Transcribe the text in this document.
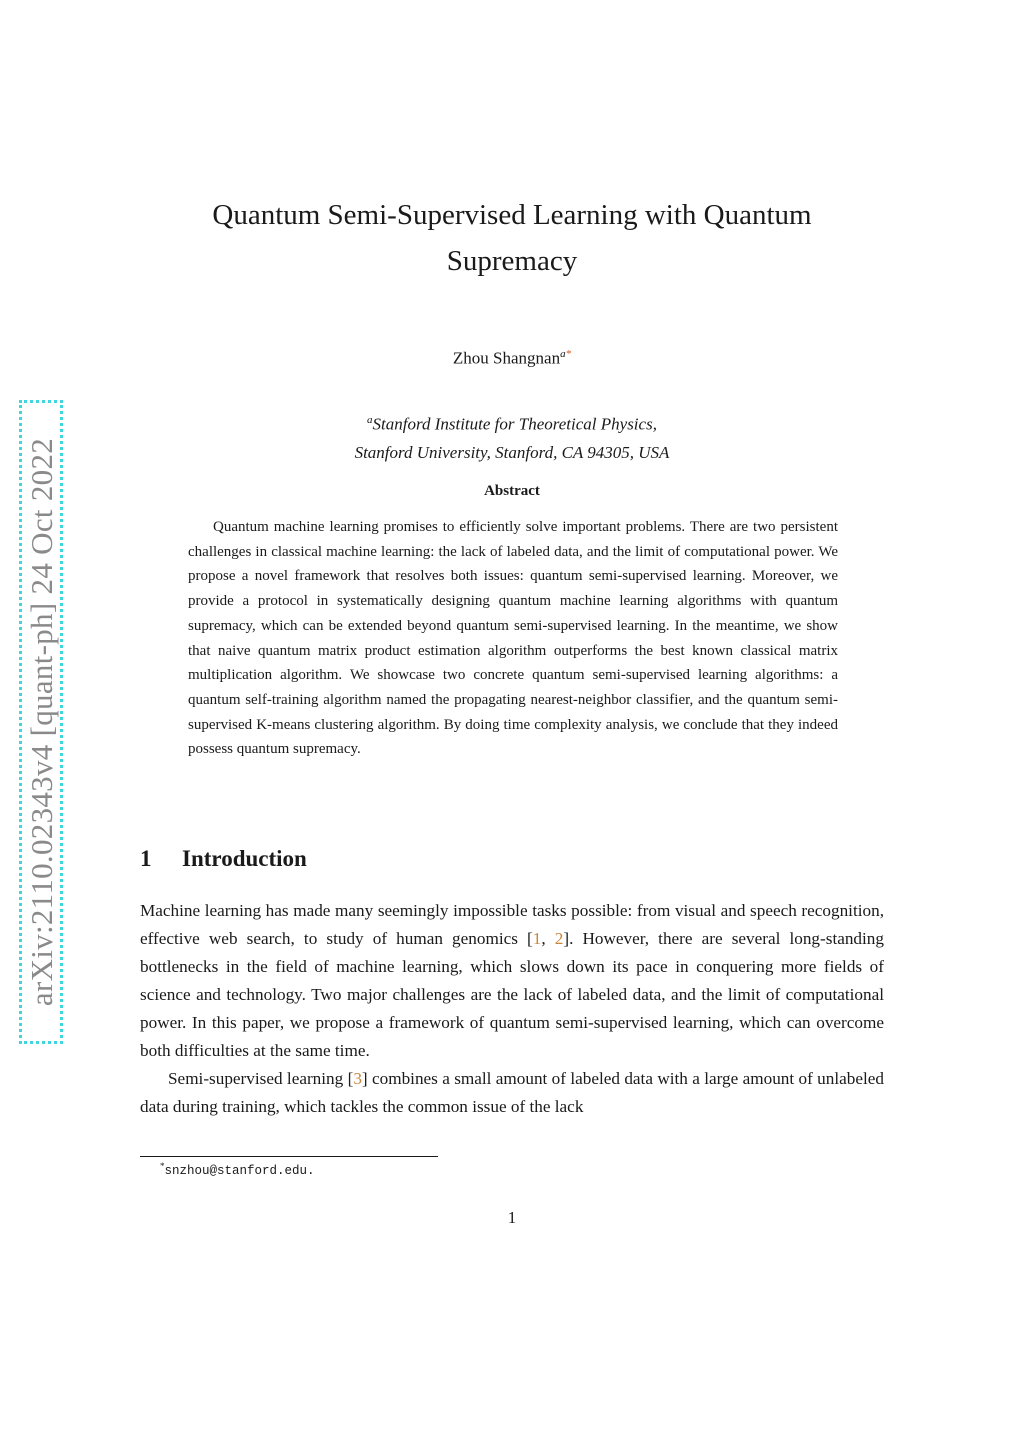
arXiv:2110.02343v4 [quant-ph] 24 Oct 2022
Quantum Semi-Supervised Learning with Quantum Supremacy
Zhou Shangnan$^{a*}$
$^a$Stanford Institute for Theoretical Physics,
Stanford University, Stanford, CA 94305, USA
Abstract

Quantum machine learning promises to efficiently solve important problems. There are two persistent challenges in classical machine learning: the lack of labeled data, and the limit of computational power. We propose a novel framework that resolves both issues: quantum semi-supervised learning. Moreover, we provide a protocol in systematically designing quantum machine learning algorithms with quantum supremacy, which can be extended beyond quantum semi-supervised learning. In the meantime, we show that naive quantum matrix product estimation algorithm outperforms the best known classical matrix multiplication algorithm. We showcase two concrete quantum semi-supervised learning algorithms: a quantum self-training algorithm named the propagating nearest-neighbor classifier, and the quantum semi-supervised K-means clustering algorithm. By doing time complexity analysis, we conclude that they indeed possess quantum supremacy.

1 Introduction

Machine learning has made many seemingly impossible tasks possible: from visual and speech recognition, effective web search, to study of human genomics [1, 2]. However, there are several long-standing bottlenecks in the field of machine learning, which slows down its pace in conquering more fields of science and technology. Two major challenges are the lack of labeled data, and the limit of computational power. In this paper, we propose a framework of quantum semi-supervised learning, which can overcome both difficulties at the same time.

Semi-supervised learning [3] combines a small amount of labeled data with a large amount of unlabeled data during training, which tackles the common issue of the lack

*snzhou@stanford.edu.
1
